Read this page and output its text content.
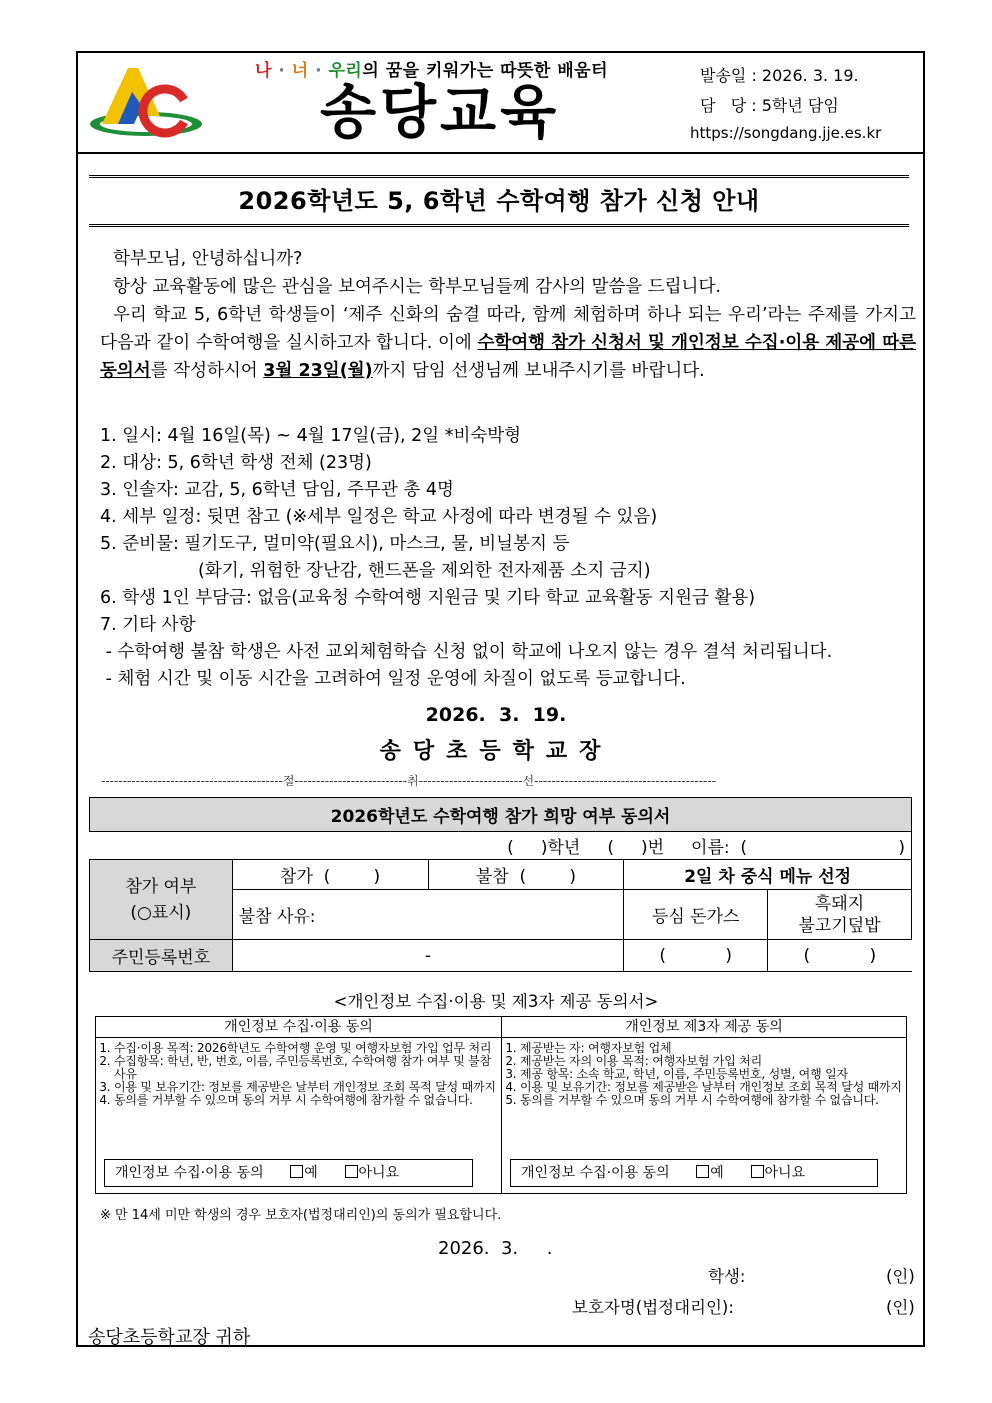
나 · 너 · 우리의 꿈을 키워가는 따뜻한 배움터
송당교육
발송일 : 2026. 3. 19.
담   당 : 5학년 담임
https://songdang.jje.es.kr
2026학년도 5, 6학년 수학여행 참가 신청 안내

학부모님, 안녕하십니까?

항상 교육활동에 많은 관심을 보여주시는 학부모님들께 감사의 말씀을 드립니다.

우리 학교 5, 6학년 학생들이 ‘제주 신화의 숨결 따라, 함께 체험하며 하나 되는 우리’라는 주제를 가지고 다음과 같이 수학여행을 실시하고자 합니다. 이에 수학여행 참가 신청서 및 개인정보 수집·이용 제공에 따른 동의서를 작성하시어 3월 23일(월)까지 담임 선생님께 보내주시기를 바랍니다.

1. 일시: 4월 16일(목) ~ 4월 17일(금), 2일 *비숙박형
2. 대상: 5, 6학년 학생 전체 (23명)
3. 인솔자: 교감, 5, 6학년 담임, 주무관 총 4명
4. 세부 일정: 뒷면 참고 (※세부 일정은 학교 사정에 따라 변경될 수 있음)
5. 준비물: 필기도구, 멀미약(필요시), 마스크, 물, 비닐봉지 등
(화기, 위험한 장난감, 핸드폰을 제외한 전자제품 소지 금지)
6. 학생 1인 부담금: 없음(교육청 수학여행 지원금 및 기타 학교 교육활동 지원금 활용)
7. 기타 사항
- 수학여행 불참 학생은 사전 교외체험학습 신청 없이 학교에 나오지 않는 경우 결석 처리됩니다.
- 체험 시간 및 이동 시간을 고려하여 일정 운영에 차질이 없도록 등교합니다.
2026.  3.  19.
송당초등학교장
------------------------------------------절--------------------------취------------------------선------------------------------------------
2026학년도 수학여행 참가 희망 여부 동의서				
(     )학년     (     )번     이름:  (                            )				
참가 여부
(○표시)	참가  (        )	불참  (        )	2일 차 중식 메뉴 선정	
	불참 사유:		등심 돈가스	흑돼지
불고기덮밥
주민등록번호	-		(           )	(           )
<개인정보 수집·이용 및 제3자 제공 동의서>
개인정보 수집·이용 동의
1. 수집·이용 목적: 2026학년도 수학여행 운영 및 여행자보험 가입 업무 처리
2. 수집항목: 학년, 반, 번호, 이름, 주민등록번호, 수학여행 참가 여부 및 불참 사유
3. 이용 및 보유기간: 정보를 제공받은 날부터 개인정보 조회 목적 달성 때까지
4. 동의를 거부할 수 있으며 동의 거부 시 수학여행에 참가할 수 없습니다.
개인정보 수집·이용 동의	예	아니요
개인정보 제3자 제공 동의
1. 제공받는 자: 여행자보험 업체
2. 제공받는 자의 이용 목적: 여행자보험 가입 처리
3. 제공 항목: 소속 학교, 학년, 이름, 주민등록번호, 성별, 여행 일자
4. 이용 및 보유기간: 정보를 제공받은 날부터 개인정보 조회 목적 달성 때까지
5. 동의를 거부할 수 있으며 동의 거부 시 수학여행에 참가할 수 없습니다.
개인정보 수집·이용 동의	예	아니요
※ 만 14세 미만 학생의 경우 보호자(법정대리인)의 동의가 필요합니다.
2026.  3.     .
학생:	(인)
보호자명(법정대리인):	(인)
송당초등학교장 귀하
